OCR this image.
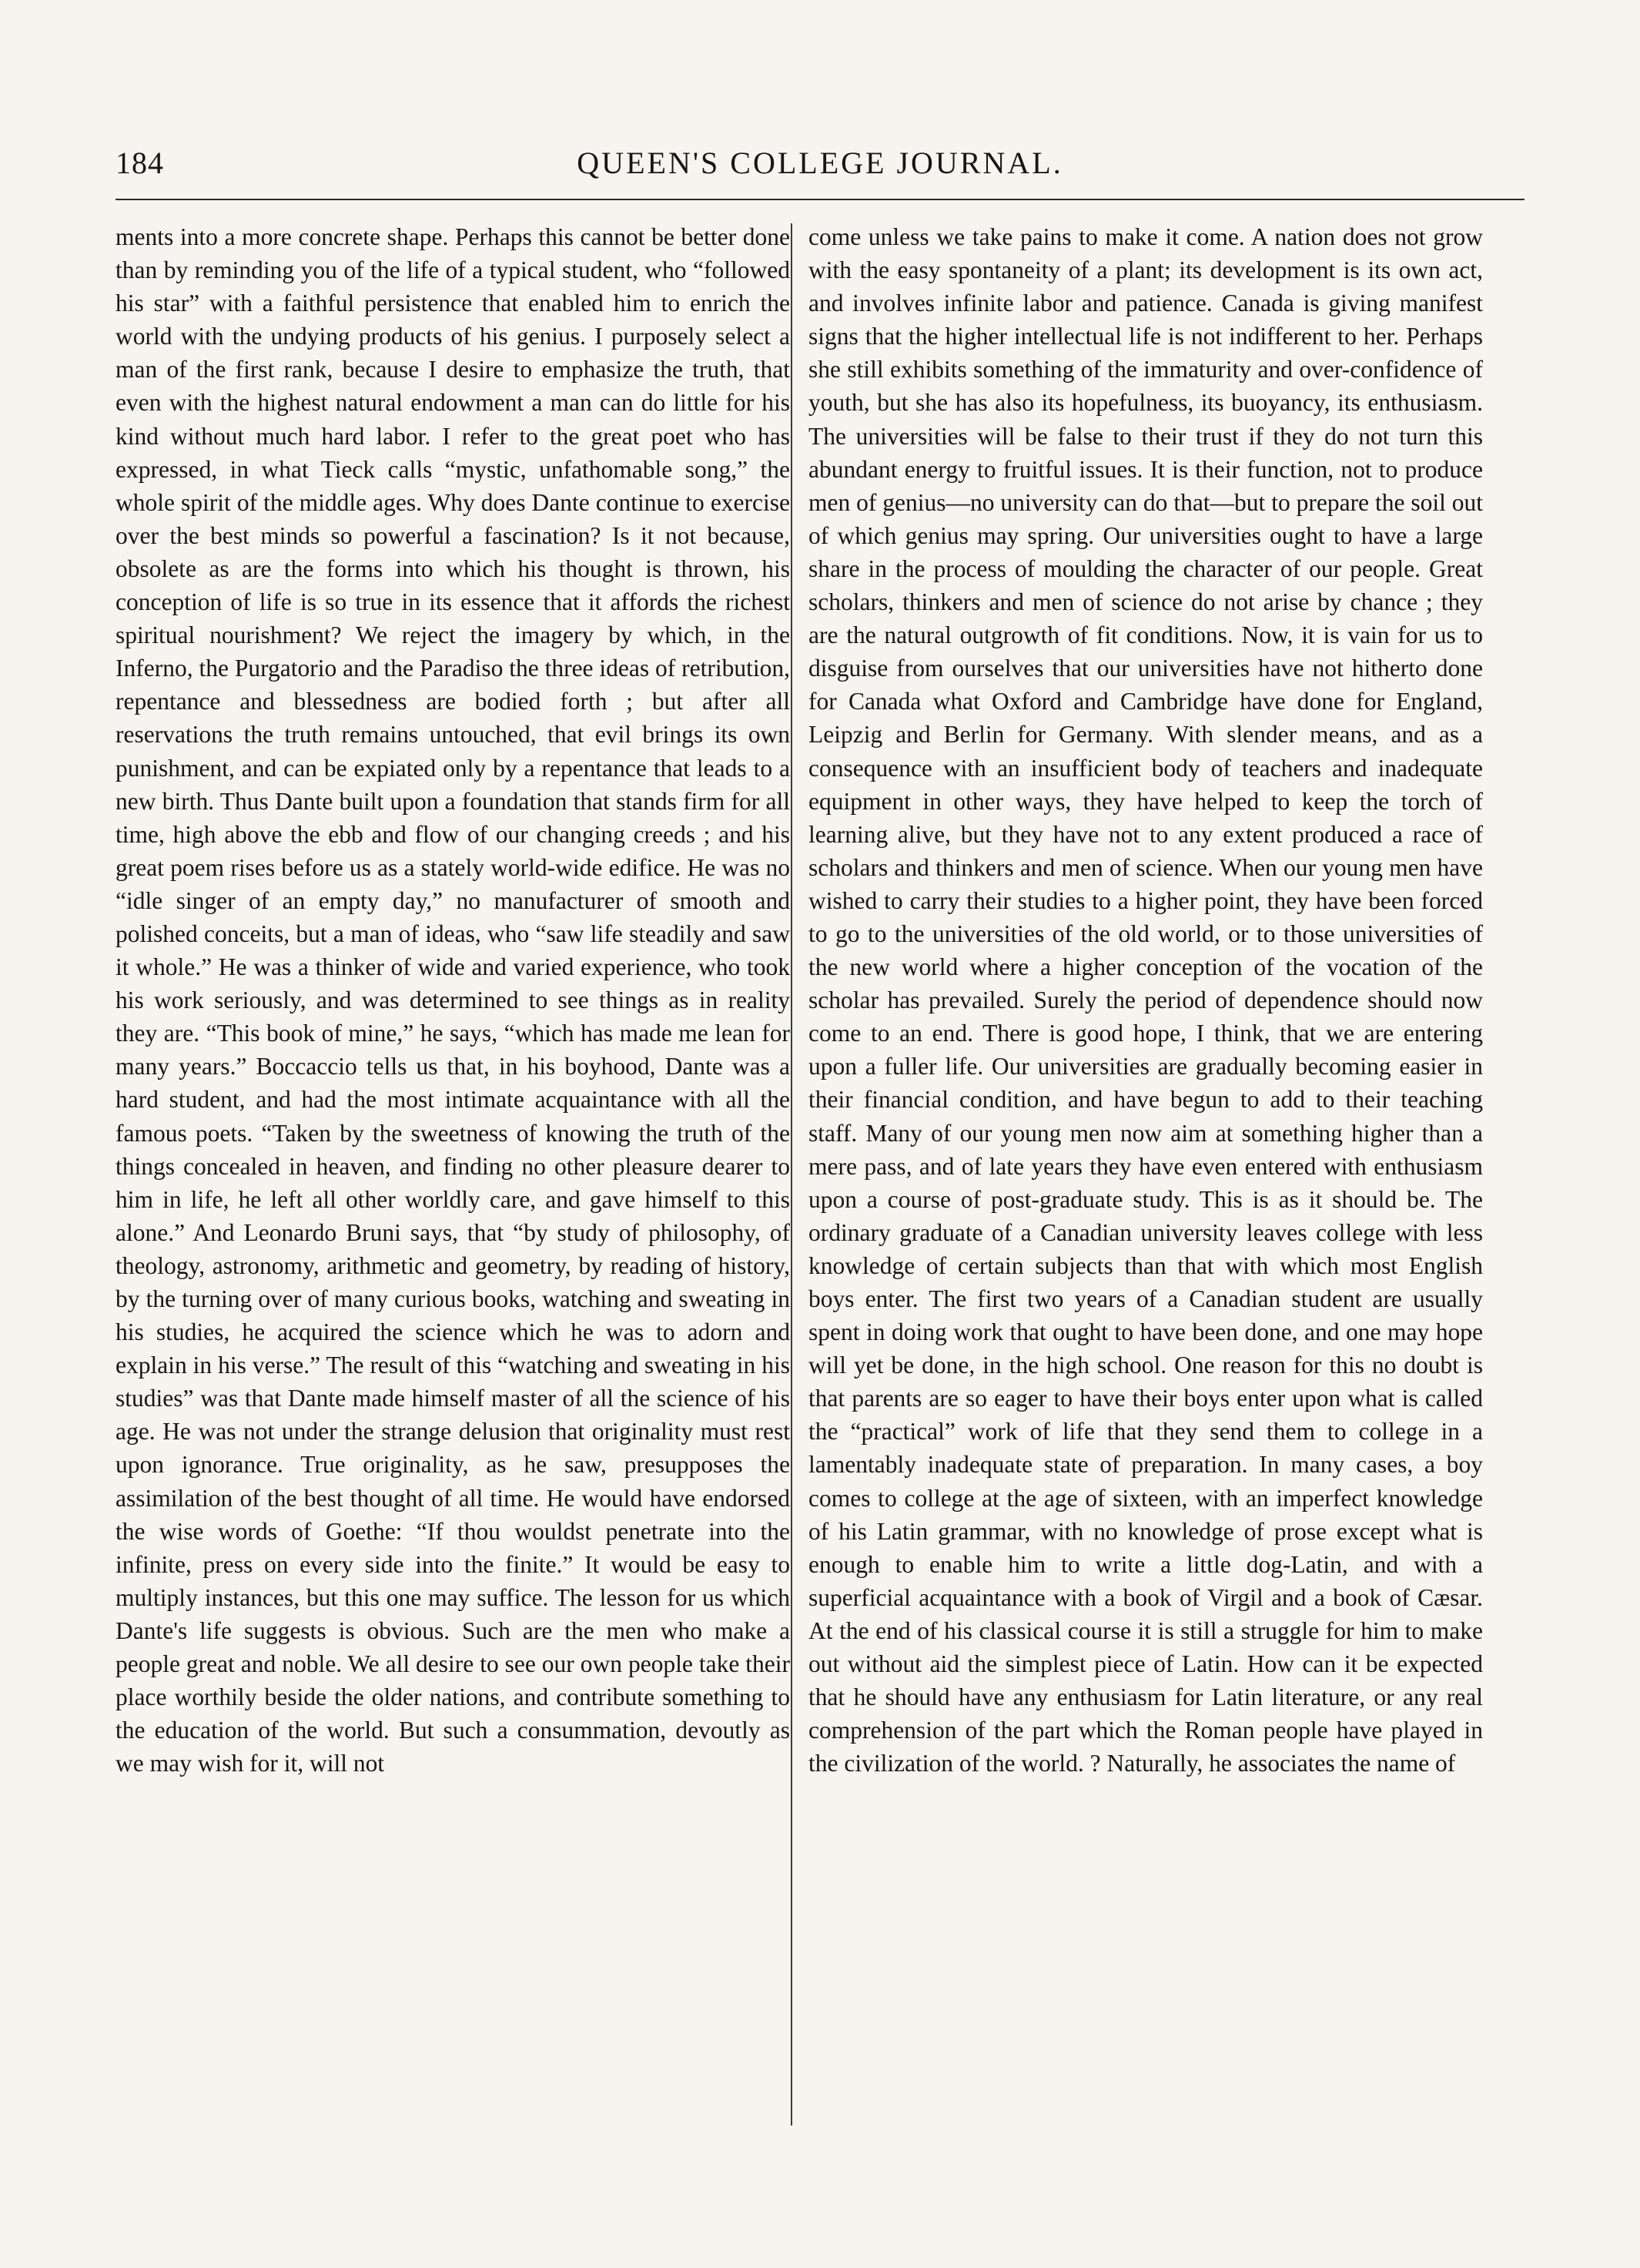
184	QUEEN'S COLLEGE JOURNAL.

ments into a more concrete shape. Perhaps this cannot be better done than by reminding you of the life of a typical student, who “followed his star” with a faithful persistence that enabled him to enrich the world with the undying products of his genius. I purposely select a man of the first rank, because I desire to emphasize the truth, that even with the highest natural endowment a man can do little for his kind without much hard labor. I refer to the great poet who has expressed, in what Tieck calls “mystic, unfathomable song,” the whole spirit of the middle ages. Why does Dante continue to exercise over the best minds so powerful a fascination? Is it not because, obsolete as are the forms into which his thought is thrown, his conception of life is so true in its essence that it affords the richest spiritual nourishment? We reject the imagery by which, in the Inferno, the Purgatorio and the Paradiso the three ideas of retribution, repentance and blessedness are bodied forth ; but after all reservations the truth remains untouched, that evil brings its own punishment, and can be expiated only by a repentance that leads to a new birth. Thus Dante built upon a foundation that stands firm for all time, high above the ebb and flow of our changing creeds ; and his great poem rises before us as a stately world-wide edifice. He was no “idle singer of an empty day,” no manufacturer of smooth and polished conceits, but a man of ideas, who “saw life steadily and saw it whole.” He was a thinker of wide and varied experience, who took his work seriously, and was determined to see things as in reality they are. “This book of mine,” he says, “which has made me lean for many years.” Boccaccio tells us that, in his boyhood, Dante was a hard student, and had the most intimate acquaintance with all the famous poets. “Taken by the sweetness of knowing the truth of the things concealed in heaven, and finding no other pleasure dearer to him in life, he left all other worldly care, and gave himself to this alone.” And Leonardo Bruni says, that “by study of philosophy, of theology, astronomy, arithmetic and geometry, by reading of history, by the turning over of many curious books, watching and sweating in his studies, he acquired the science which he was to adorn and explain in his verse.” The result of this “watching and sweating in his studies” was that Dante made himself master of all the science of his age. He was not under the strange delusion that originality must rest upon ignorance. True originality, as he saw, presupposes the assimilation of the best thought of all time. He would have endorsed the wise words of Goethe: “If thou wouldst penetrate into the infinite, press on every side into the finite.” It would be easy to multiply instances, but this one may suffice. The lesson for us which Dante's life suggests is obvious. Such are the men who make a people great and noble. We all desire to see our own people take their place worthily beside the older nations, and contribute something to the education of the world. But such a consummation, devoutly as we may wish for it, will not

come unless we take pains to make it come. A nation does not grow with the easy spontaneity of a plant; its development is its own act, and involves infinite labor and patience. Canada is giving manifest signs that the higher intellectual life is not indifferent to her. Perhaps she still exhibits something of the immaturity and over-confidence of youth, but she has also its hopefulness, its buoyancy, its enthusiasm. The universities will be false to their trust if they do not turn this abundant energy to fruitful issues. It is their function, not to produce men of genius—no university can do that—but to prepare the soil out of which genius may spring. Our universities ought to have a large share in the process of moulding the character of our people. Great scholars, thinkers and men of science do not arise by chance ; they are the natural outgrowth of fit conditions. Now, it is vain for us to disguise from ourselves that our universities have not hitherto done for Canada what Oxford and Cambridge have done for England, Leipzig and Berlin for Germany. With slender means, and as a consequence with an insufficient body of teachers and inadequate equipment in other ways, they have helped to keep the torch of learning alive, but they have not to any extent produced a race of scholars and thinkers and men of science. When our young men have wished to carry their studies to a higher point, they have been forced to go to the universities of the old world, or to those universities of the new world where a higher conception of the vocation of the scholar has prevailed. Surely the period of dependence should now come to an end. There is good hope, I think, that we are entering upon a fuller life. Our universities are gradually becoming easier in their financial condition, and have begun to add to their teaching staff. Many of our young men now aim at something higher than a mere pass, and of late years they have even entered with enthusiasm upon a course of post-graduate study. This is as it should be. The ordinary graduate of a Canadian university leaves college with less knowledge of certain subjects than that with which most English boys enter. The first two years of a Canadian student are usually spent in doing work that ought to have been done, and one may hope will yet be done, in the high school. One reason for this no doubt is that parents are so eager to have their boys enter upon what is called the “practical” work of life that they send them to college in a lamentably inadequate state of preparation. In many cases, a boy comes to college at the age of sixteen, with an imperfect knowledge of his Latin grammar, with no knowledge of prose except what is enough to enable him to write a little dog-Latin, and with a superficial acquaintance with a book of Virgil and a book of Cæsar. At the end of his classical course it is still a struggle for him to make out without aid the simplest piece of Latin. How can it be expected that he should have any enthusiasm for Latin literature, or any real comprehension of the part which the Roman people have played in the civilization of the world. ? Naturally, he associates the name of
